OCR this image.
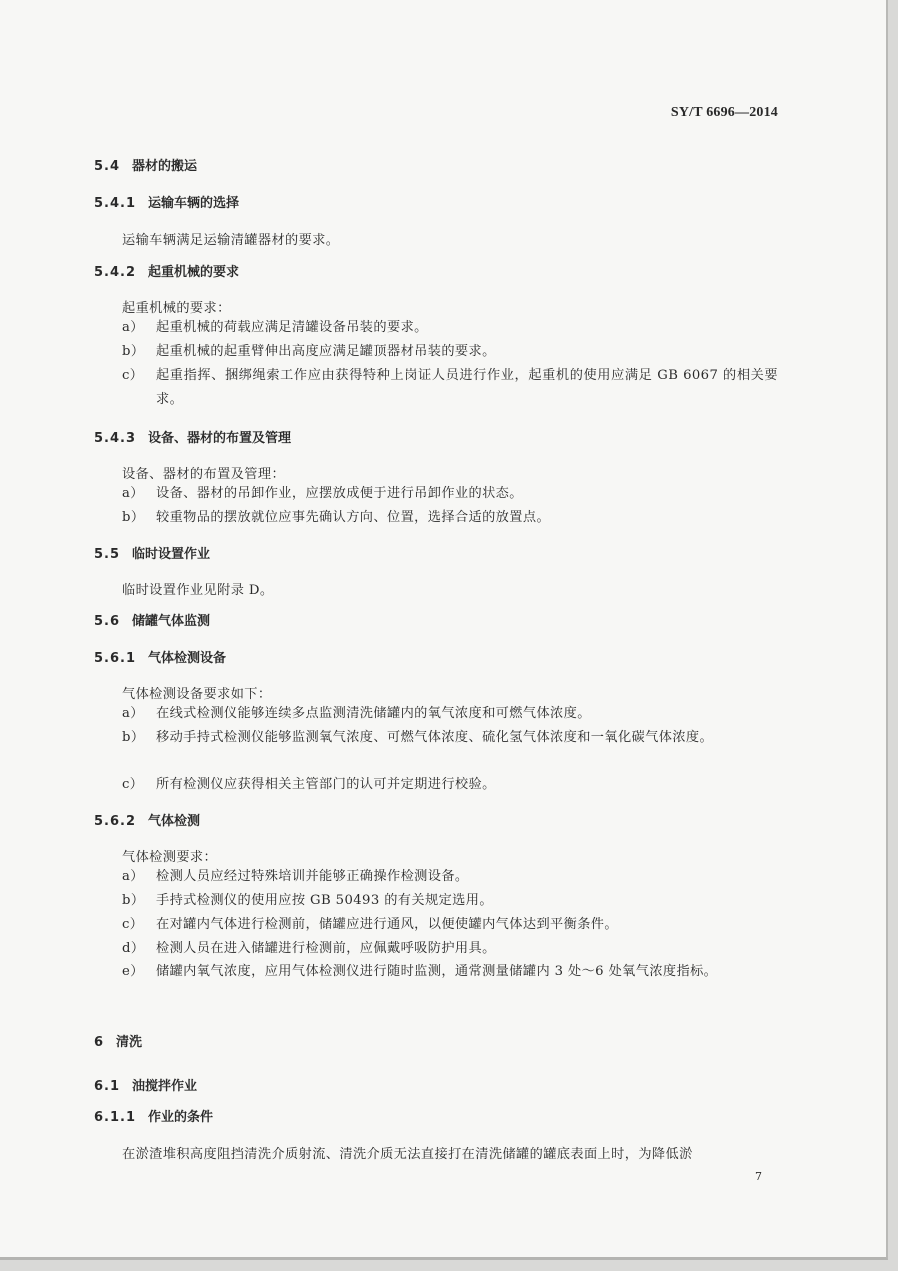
SY/T 6696—2014
5.4 器材的搬运
5.4.1 运输车辆的选择
运输车辆满足运输清罐器材的要求。
5.4.2 起重机械的要求
起重机械的要求：
a） 起重机械的荷载应满足清罐设备吊装的要求。
b） 起重机械的起重臂伸出高度应满足罐顶器材吊装的要求。
c） 起重指挥、捆绑绳索工作应由获得特种上岗证人员进行作业，起重机的使用应满足 GB 6067 的相关要求。
5.4.3 设备、器材的布置及管理
设备、器材的布置及管理：
a） 设备、器材的吊卸作业，应摆放成便于进行吊卸作业的状态。
b） 较重物品的摆放就位应事先确认方向、位置，选择合适的放置点。
5.5 临时设置作业
临时设置作业见附录 D。
5.6 储罐气体监测
5.6.1 气体检测设备
气体检测设备要求如下：
a） 在线式检测仪能够连续多点监测清洗储罐内的氧气浓度和可燃气体浓度。
b） 移动手持式检测仪能够监测氧气浓度、可燃气体浓度、硫化氢气体浓度和一氧化碳气体浓度。
c） 所有检测仪应获得相关主管部门的认可并定期进行校验。
5.6.2 气体检测
气体检测要求：
a） 检测人员应经过特殊培训并能够正确操作检测设备。
b） 手持式检测仪的使用应按 GB 50493 的有关规定选用。
c） 在对罐内气体进行检测前，储罐应进行通风，以便使罐内气体达到平衡条件。
d） 检测人员在进入储罐进行检测前，应佩戴呼吸防护用具。
e） 储罐内氧气浓度，应用气体检测仪进行随时监测，通常测量储罐内 3 处～6 处氧气浓度指标。
6 清洗
6.1 油搅拌作业
6.1.1 作业的条件
在淤渣堆积高度阻挡清洗介质射流、清洗介质无法直接打在清洗储罐的罐底表面上时，为降低淤
7
